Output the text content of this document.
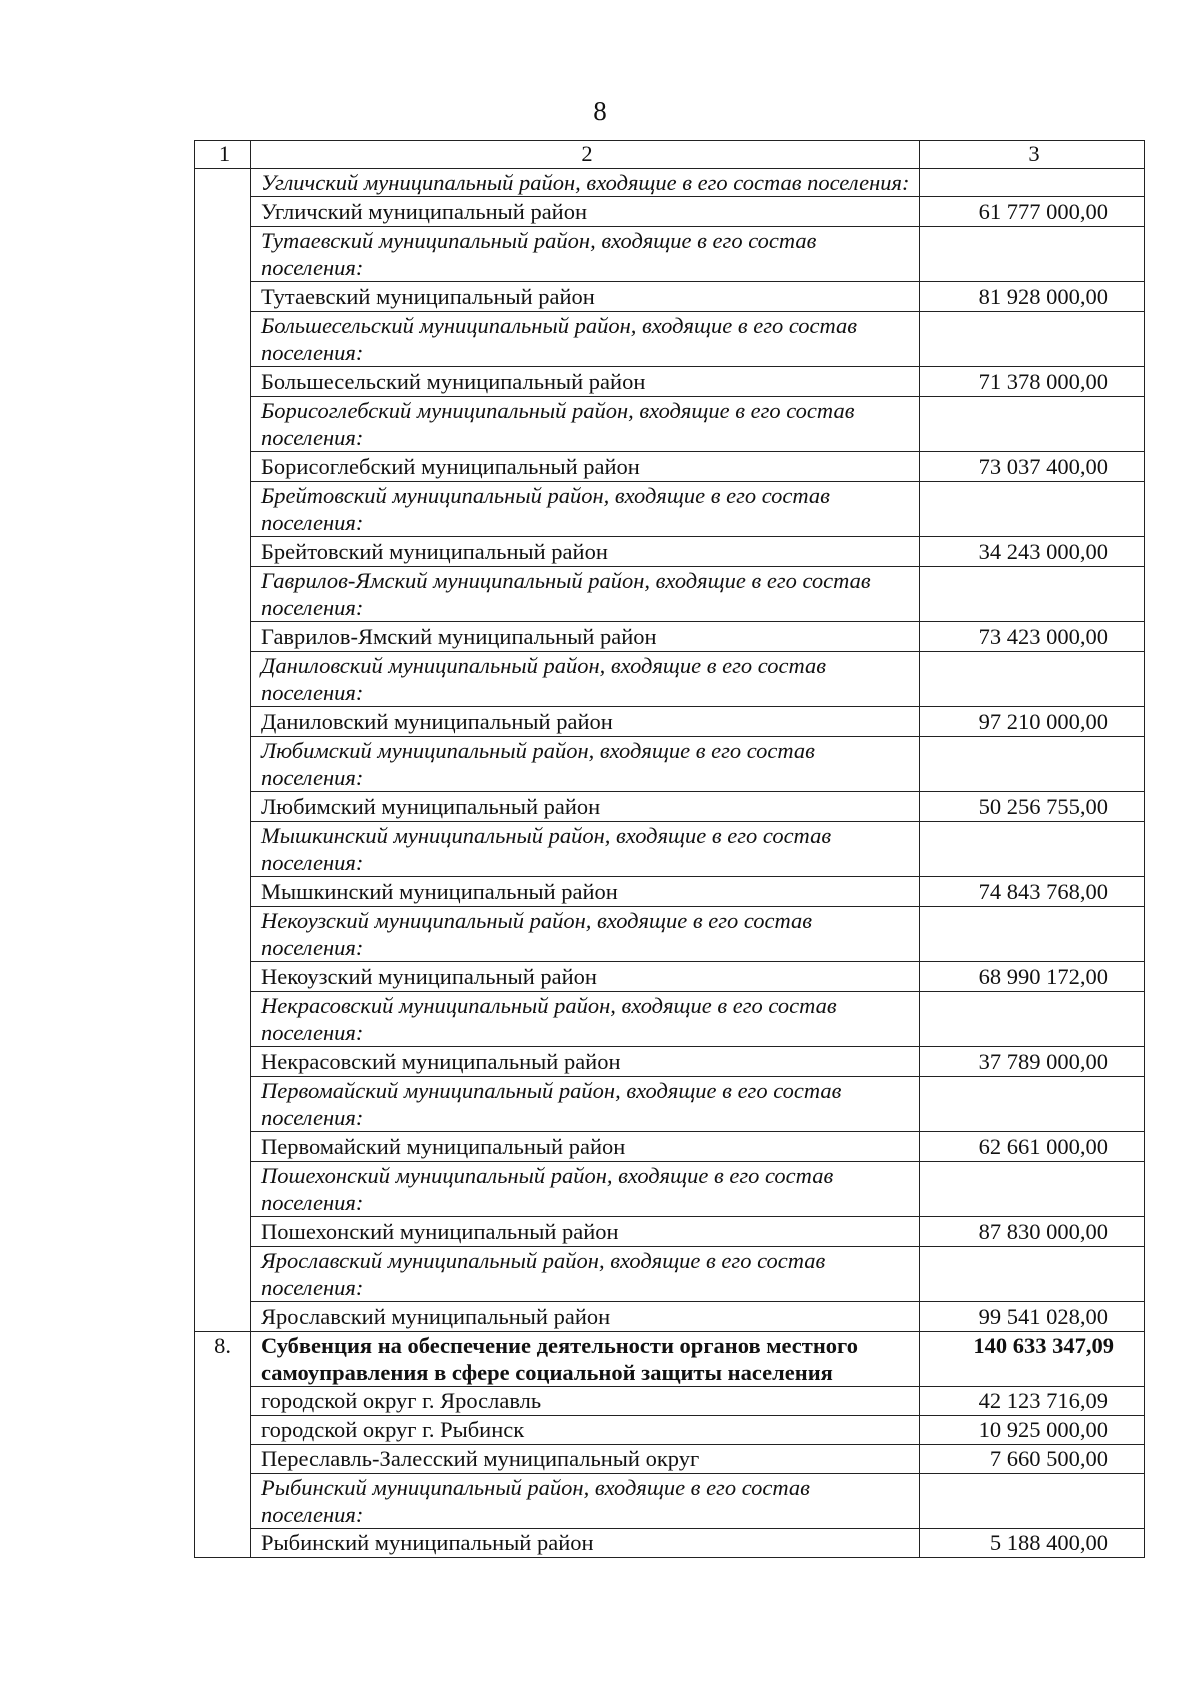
8
1	2	3
	Угличский муниципальный район, входящие в его состав поселения:	
	Угличский муниципальный район	61 777 000,00
	Тутаевский муниципальный район, входящие в его состав поселения:	
	Тутаевский муниципальный район	81 928 000,00
	Большесельский муниципальный район, входящие в его состав поселения:	
	Большесельский муниципальный район	71 378 000,00
	Борисоглебский муниципальный район, входящие в его состав поселения:	
	Борисоглебский муниципальный район	73 037 400,00
	Брейтовский муниципальный район, входящие в его состав поселения:	
	Брейтовский муниципальный район	34 243 000,00
	Гаврилов-Ямский муниципальный район, входящие в его состав поселения:	
	Гаврилов-Ямский муниципальный район	73 423 000,00
	Даниловский муниципальный район, входящие в его состав поселения:	
	Даниловский муниципальный район	97 210 000,00
	Любимский муниципальный район, входящие в его состав поселения:	
	Любимский муниципальный район	50 256 755,00
	Мышкинский муниципальный район, входящие в его состав поселения:	
	Мышкинский муниципальный район	74 843 768,00
	Некоузский муниципальный район, входящие в его состав поселения:	
	Некоузский муниципальный район	68 990 172,00
	Некрасовский муниципальный район, входящие в его состав поселения:	
	Некрасовский муниципальный район	37 789 000,00
	Первомайский муниципальный район, входящие в его состав поселения:	
	Первомайский муниципальный район	62 661 000,00
	Пошехонский муниципальный район, входящие в его состав поселения:	
	Пошехонский муниципальный район	87 830 000,00
	Ярославский муниципальный район, входящие в его состав поселения:	
	Ярославский муниципальный район	99 541 028,00
8.	Субвенция на обеспечение деятельности органов местного самоуправления в сфере социальной защиты населения	140 633 347,09
	городской округ г. Ярославль	42 123 716,09
	городской округ г. Рыбинск	10 925 000,00
	Переславль-Залесский муниципальный округ	7 660 500,00
	Рыбинский муниципальный район, входящие в его состав поселения:	
	Рыбинский муниципальный район	5 188 400,00
